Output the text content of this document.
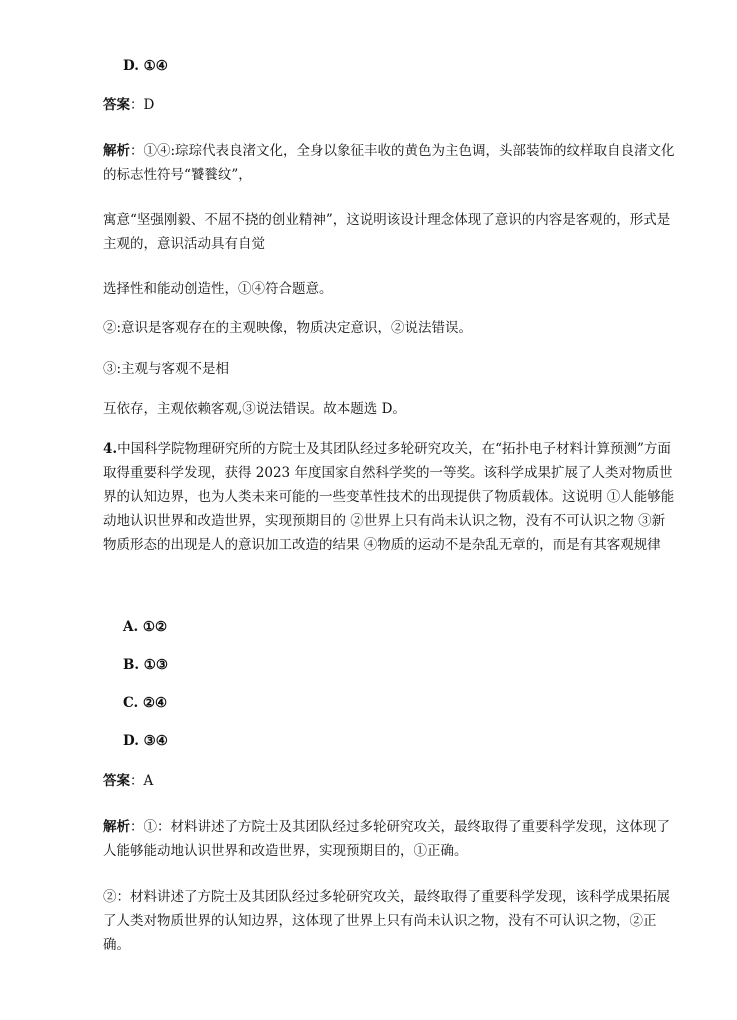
D. ①④
答案：D
解析：①④:琮琮代表良渚文化，全身以象征丰收的黄色为主色调，头部装饰的纹样取自良渚文化的标志性符号“饕餮纹”，
寓意“坚强刚毅、不屈不挠的创业精神”，这说明该设计理念体现了意识的内容是客观的，形式是主观的，意识活动具有自觉
选择性和能动创造性，①④符合题意。
②:意识是客观存在的主观映像，物质决定意识，②说法错误。
③:主观与客观不是相
互依存，主观依赖客观,③说法错误。故本题选 D。
4.中国科学院物理研究所的方院士及其团队经过多轮研究攻关，在“拓扑电子材料计算预测”方面取得重要科学发现，获得 2023 年度国家自然科学奖的一等奖。该科学成果扩展了人类对物质世界的认知边界，也为人类未来可能的一些变革性技术的出现提供了物质载体。这说明 ①人能够能动地认识世界和改造世界，实现预期目的 ②世界上只有尚未认识之物，没有不可认识之物 ③新物质形态的出现是人的意识加工改造的结果 ④物质的运动不是杂乱无章的，而是有其客观规律
A. ①②
B. ①③
C. ②④
D. ③④
答案：A
解析：①：材料讲述了方院士及其团队经过多轮研究攻关，最终取得了重要科学发现，这体现了人能够能动地认识世界和改造世界，实现预期目的，①正确。
②：材料讲述了方院士及其团队经过多轮研究攻关，最终取得了重要科学发现，该科学成果拓展了人类对物质世界的认知边界，这体现了世界上只有尚未认识之物，没有不可认识之物，②正确。
